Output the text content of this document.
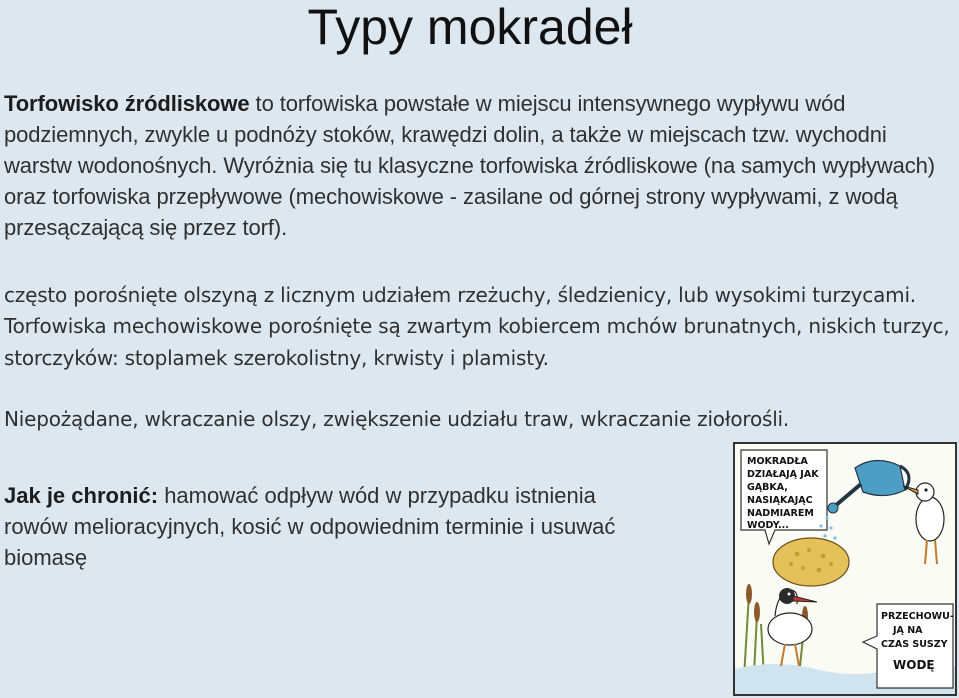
Typy mokradeł

Torfowisko źródliskowe to torfowiska powstałe w miejscu intensywnego wypływu wód podziemnych, zwykle u podnóży stoków, krawędzi dolin, a także w miejscach tzw. wychodni warstw wodonośnych. Wyróżnia się tu klasyczne torfowiska źródliskowe (na samych wypływach) oraz torfowiska przepływowe (mechowiskowe - zasilane od górnej strony wypływami, z wodą przesączającą się przez torf).

często porośnięte olszyną z licznym udziałem rzeżuchy, śledzienicy, lub wysokimi turzycami. Torfowiska mechowiskowe porośnięte są zwartym kobiercem mchów brunatnych, niskich turzyc, storczyków: stoplamek szerokolistny, krwisty i plamisty.

Niepożądane, wkraczanie olszy, zwiększenie udziału traw, wkraczanie ziołorośli.

Jak je chronić: hamować odpływ wód w przypadku istnienia rowów melioracyjnych, kosić w odpowiednim terminie i usuwać biomasę

MOKRADŁA
DZIAŁAJĄ JAK
GĄBKA,
NASIĄKAJĄC
NADMIAREM
WODY...
PRZECHOWU-
JĄ NA
CZAS SUSZY
WODĘ
